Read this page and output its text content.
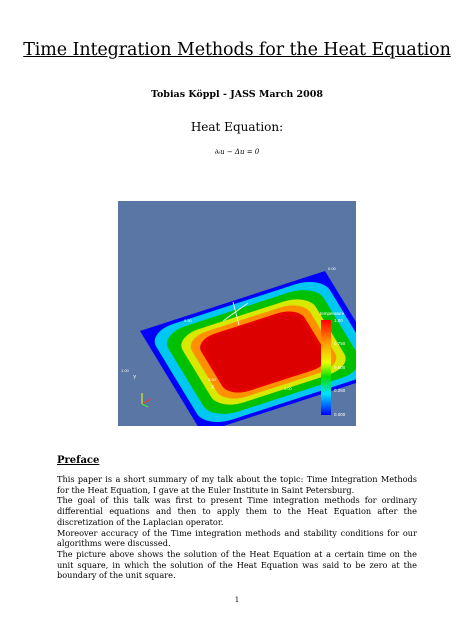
Time Integration Methods for the Heat Equation
Tobias Köppl - JASS March 2008
Heat Equation:
∂ₜu − Δu = 0
temperature
1.00
0.750
0.500
0.250
0.000
1.00
Y	0.50
X	1.00
0.00
0.50
Preface

This paper is a short summary of my talk about the topic: Time Integration Methods for the Heat Equation, I gave at the Euler Institute in Saint Petersburg.

The goal of this talk was first to present Time integration methods for ordinary differential equations and then to apply them to the Heat Equation after the discretization of the Laplacian operator.

Moreover accuracy of the Time integration methods and stability conditions for our algorithms were discussed.

The picture above shows the solution of the Heat Equation at a certain time on the unit square, in which the solution of the Heat Equation was said to be zero at the boundary of the unit square.

1
